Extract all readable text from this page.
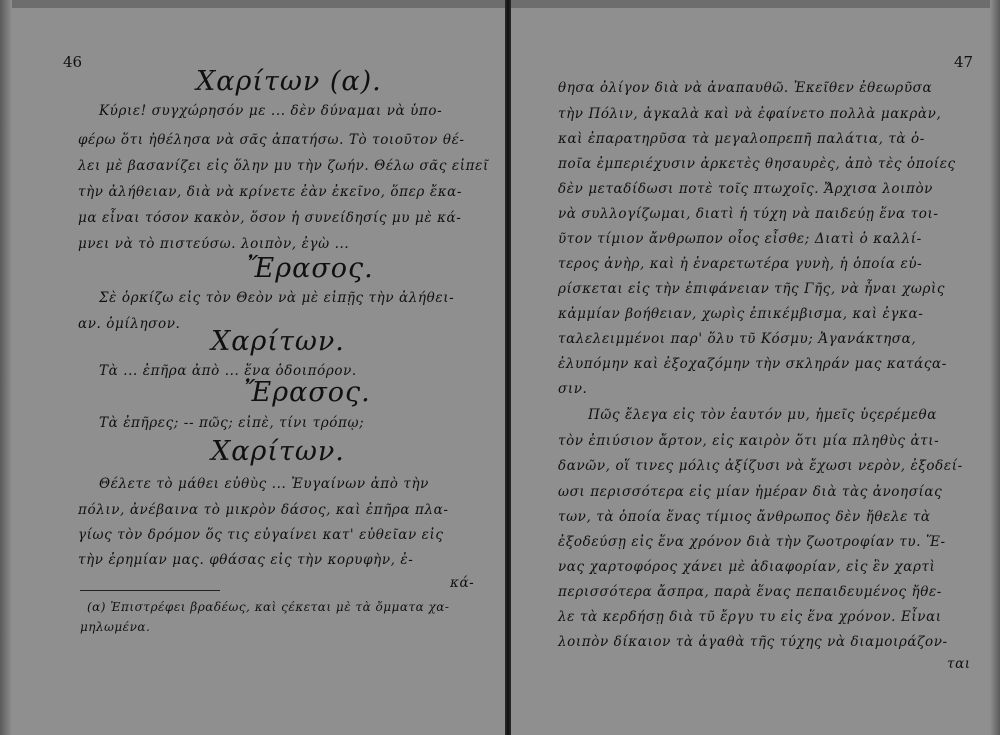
46
Χαρίτων (α).
Κύριε! συγχώρησόν με ... δὲν δύναμαι νὰ ὑπο-
φέρω ὅτι ἠθέλησα νὰ σᾶς ἀπατήσω. Τὸ τοιοῦτον θέ-
λει μὲ βασανίζει εἰς ὅλην μυ τὴν ζωήν. Θέλω σᾶς εἰπεῖ
τὴν ἀλήθειαν, διὰ νὰ κρίνετε ἐὰν ἐκεῖνο, ὅπερ ἔκα-
μα εἶναι τόσον κακὸν, ὅσον ἡ συνείδησίς μυ μὲ κά-
μνει νὰ τὸ πιστεύσω. λοιπὸν, ἐγὼ ...
Ἔρασος.
Σὲ ὁρκίζω εἰς τὸν Θεὸν νὰ μὲ εἰπῇς τὴν ἀλήθει-
αν. ὁμίλησον.
Χαρίτων.
Τὰ ... ἐπῆρα ἀπὸ ... ἕνα ὁδοιπόρον.
Ἔρασος.
Τὰ ἐπῆρες; -- πῶς; εἰπὲ, τίνι τρόπῳ;
Χαρίτων.
Θέλετε τὸ μάθει εὐθὺς ... Ἐυγαίνων ἀπὸ τὴν
πόλιν, ἀνέβαινα τὸ μικρὸν δάσος, καὶ ἐπῆρα πλα-
γίως τὸν δρόμον ὅς τις εὐγαίνει κατ' εὐθεῖαν εἰς
τὴν ἐρημίαν μας. φθάσας εἰς τὴν κορυφὴν, ἐ-
κά-
(α) Ἐπιστρέφει βραδέως, καὶ ςέκεται μὲ τὰ ὄμματα χα-
μηλωμένα.
47
θησα ὀλίγον διὰ νὰ ἀναπαυθῶ. Ἐκεῖθεν ἐθεωρῦσα
τὴν Πόλιν, ἀγκαλὰ καὶ νὰ ἐφαίνετο πολλὰ μακρὰν,
καὶ ἐπαρατηρῦσα τὰ μεγαλοπρεπῆ παλάτια, τὰ ὁ-
ποῖα ἐμπεριέχυσιν ἀρκετὲς θησαυρὲς, ἀπὸ τὲς ὁποίες
δὲν μεταδίδωσι ποτὲ τοῖς πτωχοῖς. Ἄρχισα λοιπὸν
νὰ συλλογίζωμαι, διατὶ ἡ τύχη νὰ παιδεύῃ ἕνα τοι-
ῦτον τίμιον ἄνθρωπον οἷος εἶσθε; Διατὶ ὁ καλλί-
τερος ἀνὴρ, καὶ ἡ ἐναρετωτέρα γυνὴ, ἡ ὁποία εὑ-
ρίσκεται εἰς τὴν ἐπιφάνειαν τῆς Γῆς, νὰ ἦναι χωρὶς
κἀμμίαν βοήθειαν, χωρὶς ἐπικέμβισμα, καὶ ἐγκα-
ταλελειμμένοι παρ' ὅλυ τῦ Κόσμυ; Ἀγανάκτησα,
ἐλυπόμην καὶ ἐξοχαζόμην τὴν σκληράν μας κατάςα-
σιν.
Πῶς ἔλεγα εἰς τὸν ἑαυτόν μυ, ἡμεῖς ὑςερέμεθα
τὸν ἐπιύσιον ἄρτον, εἰς καιρὸν ὅτι μία πληθὺς ἀτι-
δανῶν, οἵ τινες μόλις ἀξίζυσι νὰ ἔχωσι νερὸν, ἐξοδεί-
ωσι περισσότερα εἰς μίαν ἡμέραν διὰ τὰς ἀνοησίας
των, τὰ ὁποία ἕνας τίμιος ἄνθρωπος δὲν ἤθελε τὰ
ἐξοδεύσῃ εἰς ἕνα χρόνον διὰ τὴν ζωοτροφίαν τυ. Ἕ-
νας χαρτοφόρος χάνει μὲ ἀδιαφορίαν, εἰς ἓν χαρτὶ
περισσότερα ἄσπρα, παρὰ ἕνας πεπαιδευμένος ἤθε-
λε τὰ κερδήσῃ διὰ τῦ ἔργυ τυ εἰς ἕνα χρόνον. Εἶναι
λοιπὸν δίκαιον τὰ ἀγαθὰ τῆς τύχης νὰ διαμοιράζον-
ται
